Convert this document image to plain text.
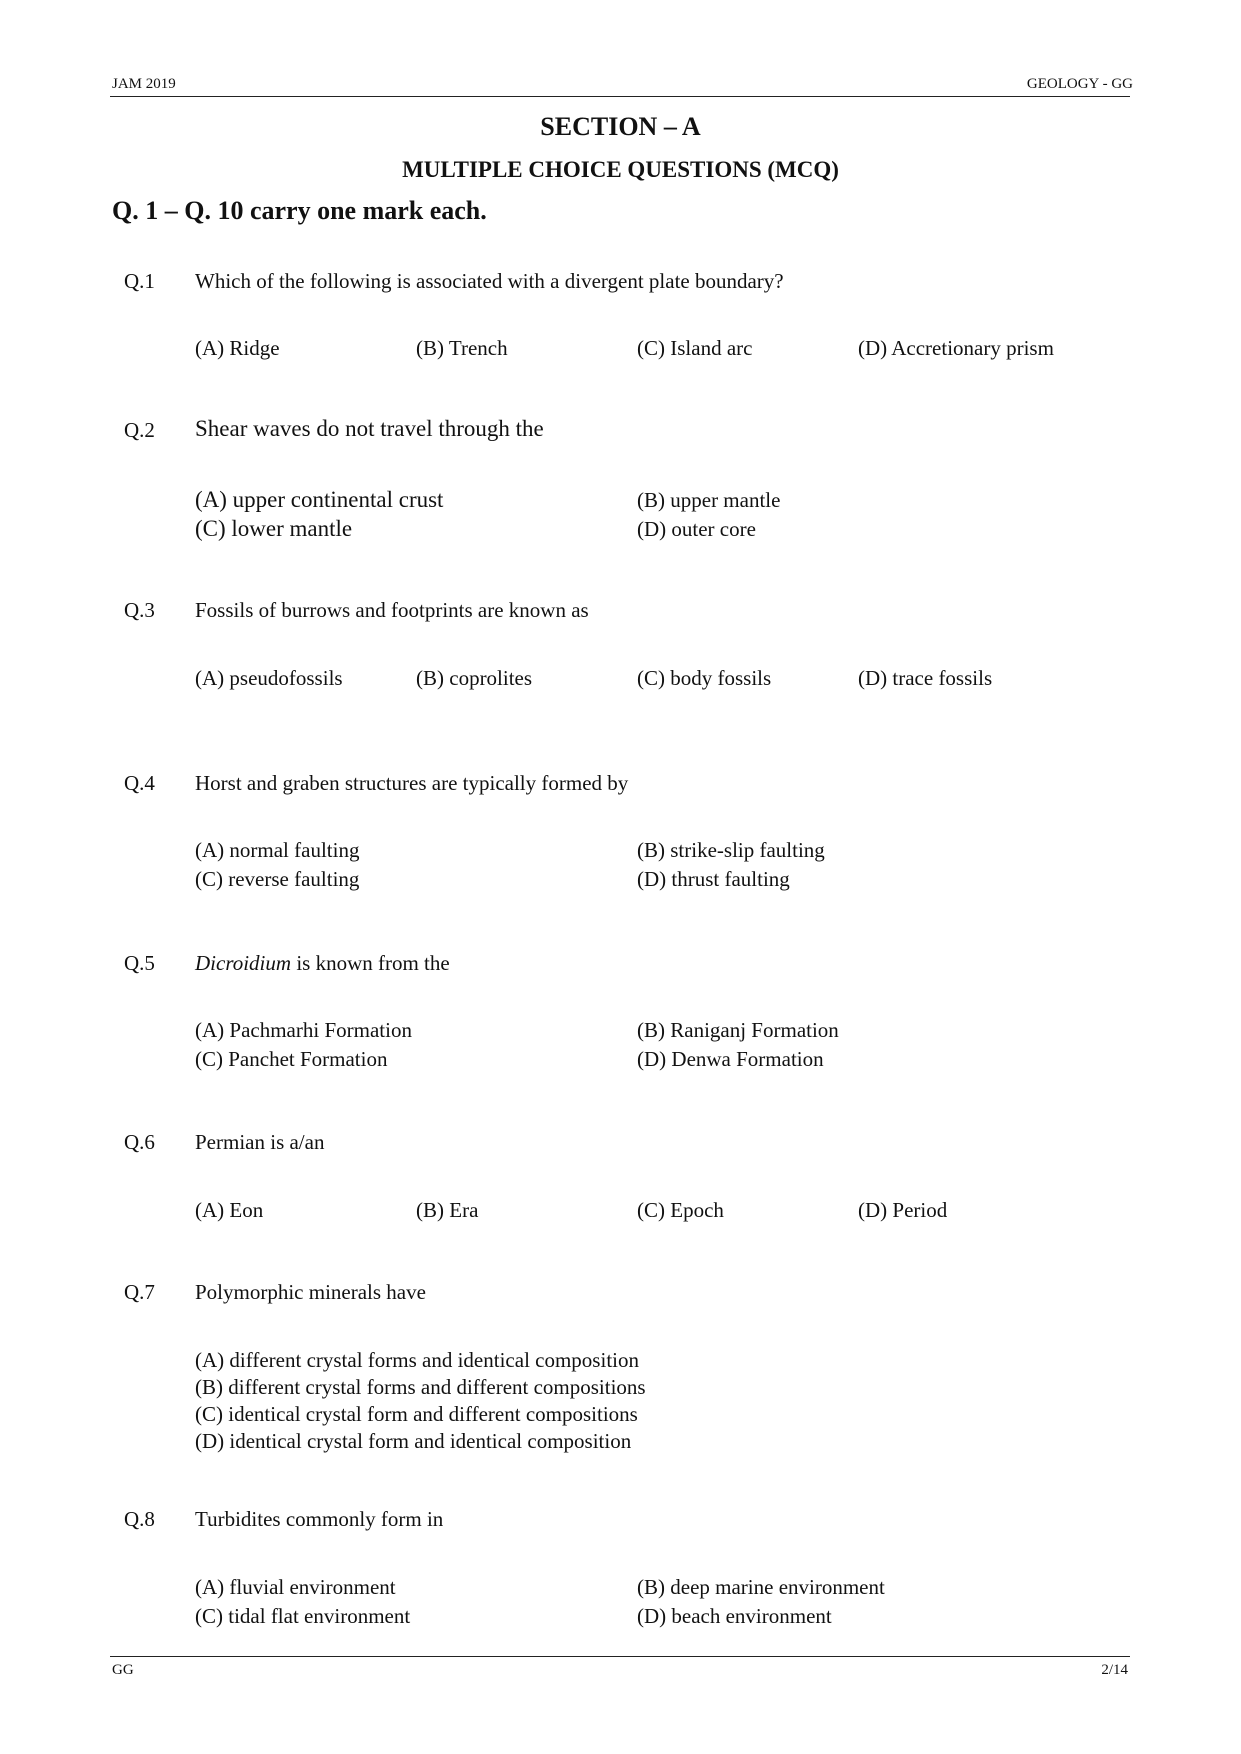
JAM 2019	GEOLOGY - GG
SECTION – A
MULTIPLE CHOICE QUESTIONS (MCQ)
Q. 1 – Q. 10 carry one mark each.
Q.1 Which of the following is associated with a divergent plate boundary?
(A) Ridge	(B) Trench	(C) Island arc	(D) Accretionary prism
Q.2 Shear waves do not travel through the
(A) upper continental crust	(B) upper mantle
(C) lower mantle	(D) outer core
Q.3 Fossils of burrows and footprints are known as
(A) pseudofossils	(B) coprolites	(C) body fossils	(D) trace fossils
Q.4 Horst and graben structures are typically formed by
(A) normal faulting	(B) strike-slip faulting
(C) reverse faulting	(D) thrust faulting
Q.5 Dicroidium is known from the
(A) Pachmarhi Formation	(B) Raniganj Formation
(C) Panchet Formation	(D) Denwa Formation
Q.6 Permian is a/an
(A) Eon	(B) Era	(C) Epoch	(D) Period
Q.7 Polymorphic minerals have
(A) different crystal forms and identical composition
(B) different crystal forms and different compositions
(C) identical crystal form and different compositions
(D) identical crystal form and identical composition
Q.8 Turbidites commonly form in
(A) fluvial environment	(B) deep marine environment
(C) tidal flat environment	(D) beach environment
GG	2/14
